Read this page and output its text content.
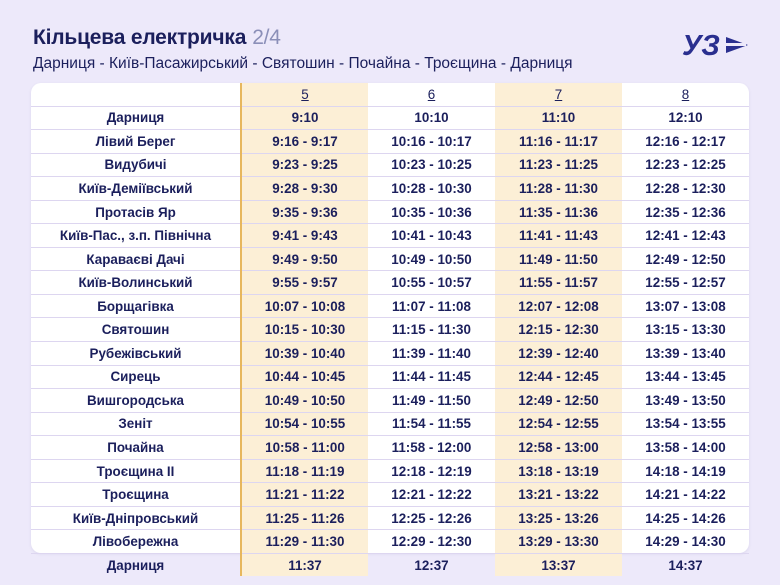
Кільцева електричка 2/4
Дарниця - Київ-Пасажирський - Святошин - Почайна - Троєщина - Дарниця
УЗ
	5	6	7	8
Дарниця	9:10	10:10	11:10	12:10
Лівий Берег	9:16 - 9:17	10:16 - 10:17	11:16 - 11:17	12:16 - 12:17
Видубичі	9:23 - 9:25	10:23 - 10:25	11:23 - 11:25	12:23 - 12:25
Київ-Деміївський	9:28 - 9:30	10:28 - 10:30	11:28 - 11:30	12:28 - 12:30
Протасів Яр	9:35 - 9:36	10:35 - 10:36	11:35 - 11:36	12:35 - 12:36
Київ-Пас., з.п. Північна	9:41 - 9:43	10:41 - 10:43	11:41 - 11:43	12:41 - 12:43
Караваєві Дачі	9:49 - 9:50	10:49 - 10:50	11:49 - 11:50	12:49 - 12:50
Київ-Волинський	9:55 - 9:57	10:55 - 10:57	11:55 - 11:57	12:55 - 12:57
Борщагівка	10:07 - 10:08	11:07 - 11:08	12:07 - 12:08	13:07 - 13:08
Святошин	10:15 - 10:30	11:15 - 11:30	12:15 - 12:30	13:15 - 13:30
Рубежівський	10:39 - 10:40	11:39 - 11:40	12:39 - 12:40	13:39 - 13:40
Сирець	10:44 - 10:45	11:44 - 11:45	12:44 - 12:45	13:44 - 13:45
Вишгородська	10:49 - 10:50	11:49 - 11:50	12:49 - 12:50	13:49 - 13:50
Зеніт	10:54 - 10:55	11:54 - 11:55	12:54 - 12:55	13:54 - 13:55
Почайна	10:58 - 11:00	11:58 - 12:00	12:58 - 13:00	13:58 - 14:00
Троєщина II	11:18 - 11:19	12:18 - 12:19	13:18 - 13:19	14:18 - 14:19
Троєщина	11:21 - 11:22	12:21 - 12:22	13:21 - 13:22	14:21 - 14:22
Київ-Дніпровський	11:25 - 11:26	12:25 - 12:26	13:25 - 13:26	14:25 - 14:26
Лівобережна	11:29 - 11:30	12:29 - 12:30	13:29 - 13:30	14:29 - 14:30
Дарниця	11:37	12:37	13:37	14:37
